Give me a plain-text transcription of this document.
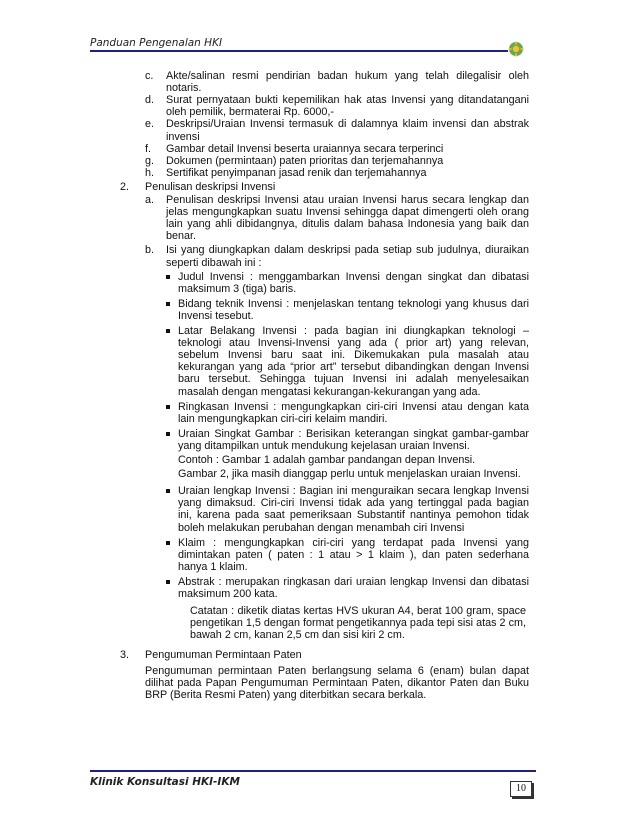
Panduan Pengenalan HKI
c. Akte/salinan resmi pendirian badan hukum yang telah dilegalisir oleh
notaris.
d. Surat pernyataan bukti kepemilikan hak atas Invensi yang ditandatangani
oleh pemilik, bermaterai Rp. 6000,-
e. Deskripsi/Uraian Invensi termasuk di dalamnya klaim invensi dan abstrak
invensi
f. Gambar detail Invensi beserta uraiannya secara terperinci
g. Dokumen (permintaan) paten prioritas dan terjemahannya
h. Sertifikat penyimpanan jasad renik dan terjemahannya
2. Penulisan deskripsi Invensi
a. Penulisan deskripsi Invensi atau uraian Invensi harus secara lengkap dan
jelas mengungkapkan suatu Invensi sehingga dapat dimengerti oleh orang
lain yang ahli dibidangnya, ditulis dalam bahasa Indonesia yang baik dan
benar.
b. Isi yang diungkapkan dalam deskripsi pada setiap sub judulnya, diuraikan
seperti dibawah ini :
Judul Invensi : menggambarkan Invensi dengan singkat dan dibatasi
maksimum 3 (tiga) baris.
Bidang teknik Invensi : menjelaskan tentang teknologi yang khusus dari
Invensi tesebut.
Latar Belakang Invensi : pada bagian ini diungkapkan teknologi –
teknologi atau Invensi-Invensi yang ada ( prior art) yang relevan,
sebelum Invensi baru saat ini. Dikemukakan pula masalah atau
kekurangan yang ada “prior art” tersebut dibandingkan dengan Invensi
baru tersebut. Sehingga tujuan Invensi ini adalah menyelesaikan
masalah dengan mengatasi kekurangan-kekurangan yang ada.
Ringkasan Invensi : mengungkapkan ciri-ciri Invensi atau dengan kata
lain mengungkapkan ciri-ciri kelaim mandiri.
Uraian Singkat Gambar : Berisikan keterangan singkat gambar-gambar
yang ditampilkan untuk mendukung kejelasan uraian Invensi.
Contoh : Gambar 1 adalah gambar pandangan depan Invensi.
Gambar 2, jika masih dianggap perlu untuk menjelaskan uraian Invensi.
Uraian lengkap Invensi : Bagian ini menguraikan secara lengkap Invensi
yang dimaksud. Ciri-ciri Invensi tidak ada yang tertinggal pada bagian
ini, karena pada saat pemeriksaan Substantif nantinya pemohon tidak
boleh melakukan perubahan dengan menambah ciri Invensi
Klaim : mengungkapkan ciri-ciri yang terdapat pada Invensi yang
dimintakan paten ( paten : 1 atau > 1 klaim ), dan paten sederhana
hanya 1 klaim.
Abstrak : merupakan ringkasan dari uraian lengkap Invensi dan dibatasi
maksimum 200 kata.
Catatan : diketik diatas kertas HVS ukuran A4, berat 100 gram, space
pengetikan 1,5 dengan format pengetikannya pada tepi sisi atas 2 cm,
bawah 2 cm, kanan 2,5 cm dan sisi kiri 2 cm.
3. Pengumuman Permintaan Paten
Pengumuman permintaan Paten berlangsung selama 6 (enam) bulan dapat
dilihat pada Papan Pengumuman Permintaan Paten, dikantor Paten dan Buku
BRP (Berita Resmi Paten) yang diterbitkan secara berkala.
Klinik Konsultasi HKI-IKM
10
